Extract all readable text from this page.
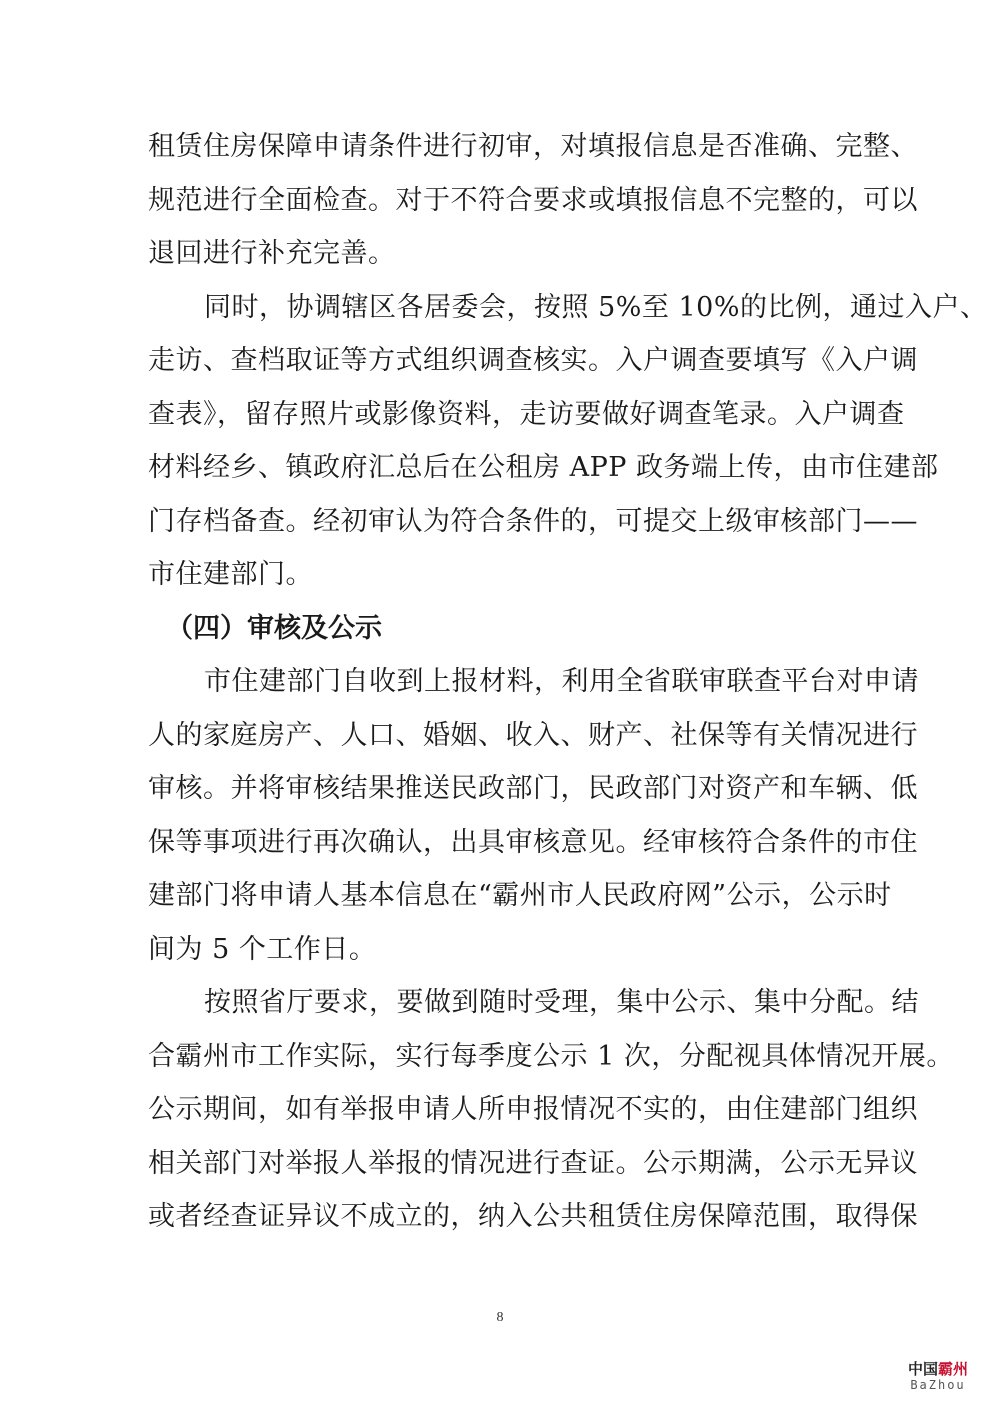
租赁住房保障申请条件进行初审，对填报信息是否准确、完整、
规范进行全面检查。对于不符合要求或填报信息不完整的，可以
退回进行补充完善。
同时，协调辖区各居委会，按照 5%至 10%的比例，通过入户、
走访、查档取证等方式组织调查核实。入户调查要填写《入户调
查表》，留存照片或影像资料，走访要做好调查笔录。入户调查
材料经乡、镇政府汇总后在公租房 APP 政务端上传，由市住建部
门存档备查。经初审认为符合条件的，可提交上级审核部门——
市住建部门。
（四）审核及公示
市住建部门自收到上报材料，利用全省联审联查平台对申请
人的家庭房产、人口、婚姻、收入、财产、社保等有关情况进行
审核。并将审核结果推送民政部门，民政部门对资产和车辆、低
保等事项进行再次确认，出具审核意见。经审核符合条件的市住
建部门将申请人基本信息在“霸州市人民政府网”公示，公示时
间为 5 个工作日。
按照省厅要求，要做到随时受理，集中公示、集中分配。结
合霸州市工作实际，实行每季度公示 1 次，分配视具体情况开展。
公示期间，如有举报申请人所申报情况不实的，由住建部门组织
相关部门对举报人举报的情况进行查证。公示期满，公示无异议
或者经查证异议不成立的，纳入公共租赁住房保障范围，取得保
8
中国霸州
BaZhou
